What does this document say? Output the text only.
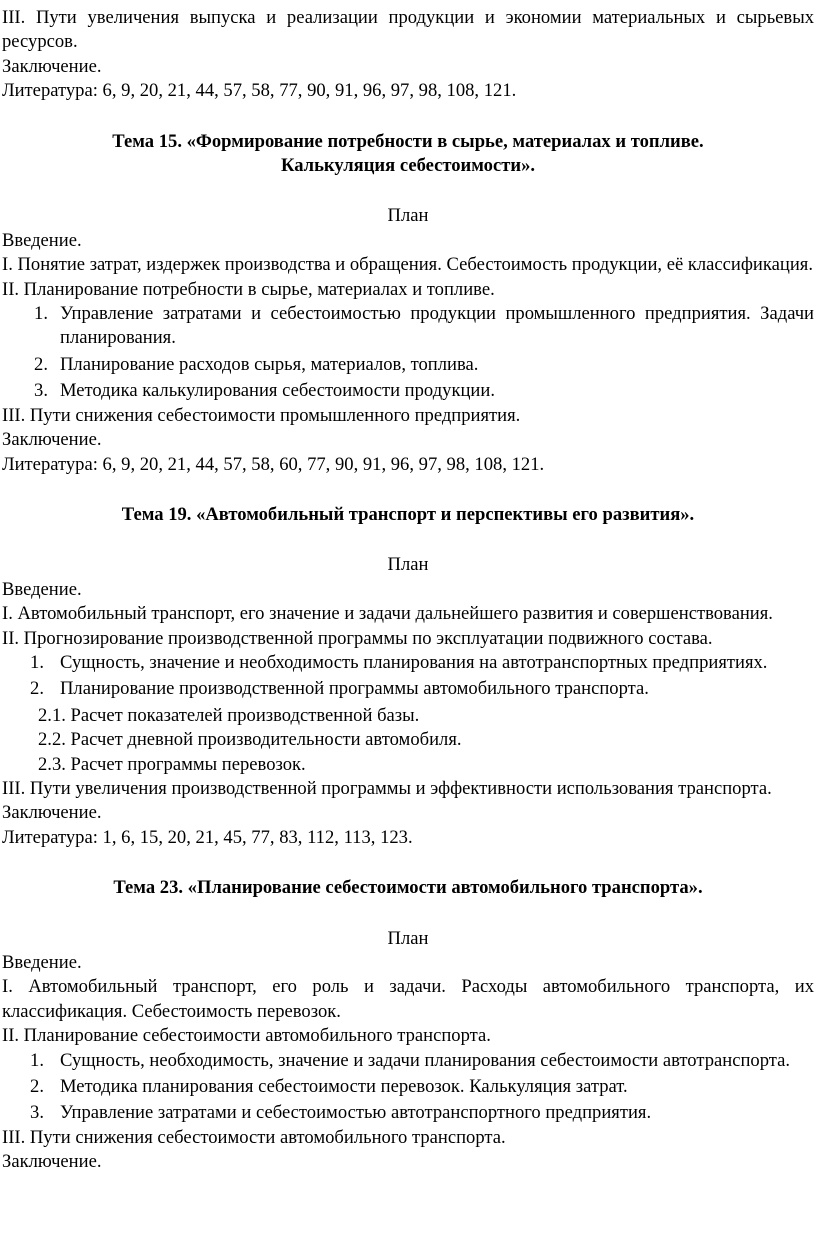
III. Пути увеличения выпуска и реализации продукции и экономии материальных и сырьевых ресурсов.

Заключение.

Литература: 6, 9, 20, 21, 44, 57, 58, 77, 90, 91, 96, 97, 98, 108, 121.

Тема 15. «Формирование потребности в сырье, материалах и топливе.

Калькуляция себестоимости».

План

Введение.

I. Понятие затрат, издержек производства и обращения. Себестоимость продукции, её классификация.

II. Планирование потребности в сырье, материалах и топливе.

1. Управление затратами и себестоимостью продукции промышленного предприятия. Задачи планирования.
2. Планирование расходов сырья, материалов, топлива.
3. Методика калькулирования себестоимости продукции.

III. Пути снижения себестоимости промышленного предприятия.

Заключение.

Литература: 6, 9, 20, 21, 44, 57, 58, 60, 77, 90, 91, 96, 97, 98, 108, 121.

Тема 19. «Автомобильный транспорт и перспективы его развития».

План

Введение.

I. Автомобильный транспорт, его значение и задачи дальнейшего развития и совершенствования.

II. Прогнозирование производственной программы по эксплуатации подвижного состава.

1. Сущность, значение и необходимость планирования на автотранспортных предприятиях.
2. Планирование производственной программы автомобильного транспорта.

2.1. Расчет показателей производственной базы.

2.2. Расчет дневной производительности автомобиля.

2.3. Расчет программы перевозок.

III. Пути увеличения производственной программы и эффективности использования транспорта.

Заключение.

Литература: 1, 6, 15, 20, 21, 45, 77, 83, 112, 113, 123.

Тема 23. «Планирование себестоимости автомобильного транспорта».

План

Введение.

I. Автомобильный транспорт, его роль и задачи. Расходы автомобильного транспорта, их классификация. Себестоимость перевозок.

II. Планирование себестоимости автомобильного транспорта.

1. Сущность, необходимость, значение и задачи планирования себестоимости автотранспорта.
2. Методика планирования себестоимости перевозок. Калькуляция затрат.
3. Управление затратами и себестоимостью автотранспортного предприятия.

III. Пути снижения себестоимости автомобильного транспорта.

Заключение.
